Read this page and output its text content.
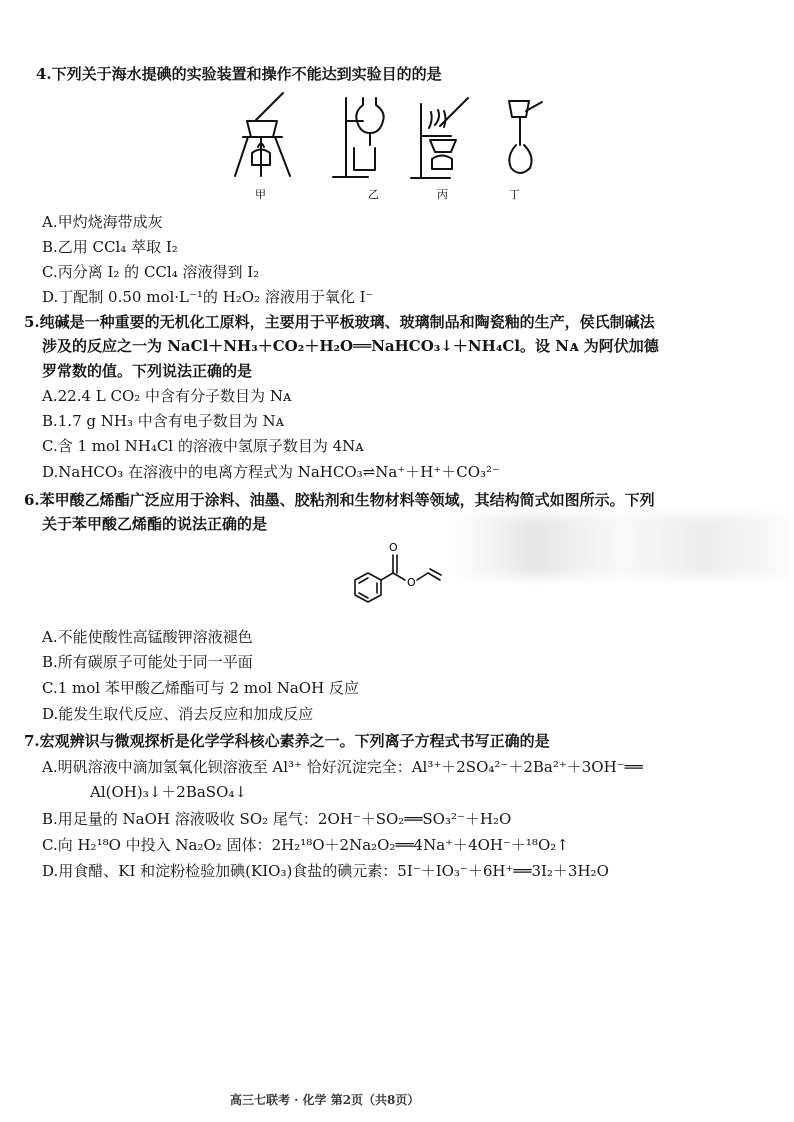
4.下列关于海水提碘的实验装置和操作不能达到实验目的的是
甲	乙	丙	丁
A.甲灼烧海带成灰
B.乙用 CCl₄ 萃取 I₂
C.丙分离 I₂ 的 CCl₄ 溶液得到 I₂
D.丁配制 0.50 mol·L⁻¹的 H₂O₂ 溶液用于氧化 I⁻
5.纯碱是一种重要的无机化工原料，主要用于平板玻璃、玻璃制品和陶瓷釉的生产，侯氏制碱法
涉及的反应之一为 NaCl＋NH₃＋CO₂＋H₂O══NaHCO₃↓＋NH₄Cl。设 Nᴀ 为阿伏加德
罗常数的值。下列说法正确的是
A.22.4 L CO₂ 中含有分子数目为 Nᴀ
B.1.7 g NH₃ 中含有电子数目为 Nᴀ
C.含 1 mol NH₄Cl 的溶液中氢原子数目为 4Nᴀ
D.NaHCO₃ 在溶液中的电离方程式为 NaHCO₃⇌Na⁺＋H⁺＋CO₃²⁻
6.苯甲酸乙烯酯广泛应用于涂料、油墨、胶粘剂和生物材料等领域，其结构简式如图所示。下列
关于苯甲酸乙烯酯的说法正确的是
O
O
A.不能使酸性高锰酸钾溶液褪色
B.所有碳原子可能处于同一平面
C.1 mol 苯甲酸乙烯酯可与 2 mol NaOH 反应
D.能发生取代反应、消去反应和加成反应
7.宏观辨识与微观探析是化学学科核心素养之一。下列离子方程式书写正确的是
A.明矾溶液中滴加氢氧化钡溶液至 Al³⁺ 恰好沉淀完全：Al³⁺＋2SO₄²⁻＋2Ba²⁺＋3OH⁻══
Al(OH)₃↓＋2BaSO₄↓
B.用足量的 NaOH 溶液吸收 SO₂ 尾气：2OH⁻＋SO₂══SO₃²⁻＋H₂O
C.向 H₂¹⁸O 中投入 Na₂O₂ 固体：2H₂¹⁸O＋2Na₂O₂══4Na⁺＋4OH⁻＋¹⁸O₂↑
D.用食醋、KI 和淀粉检验加碘(KIO₃)食盐的碘元素：5I⁻＋IO₃⁻＋6H⁺══3I₂＋3H₂O
高三七联考 · 化学 第2页（共8页）
